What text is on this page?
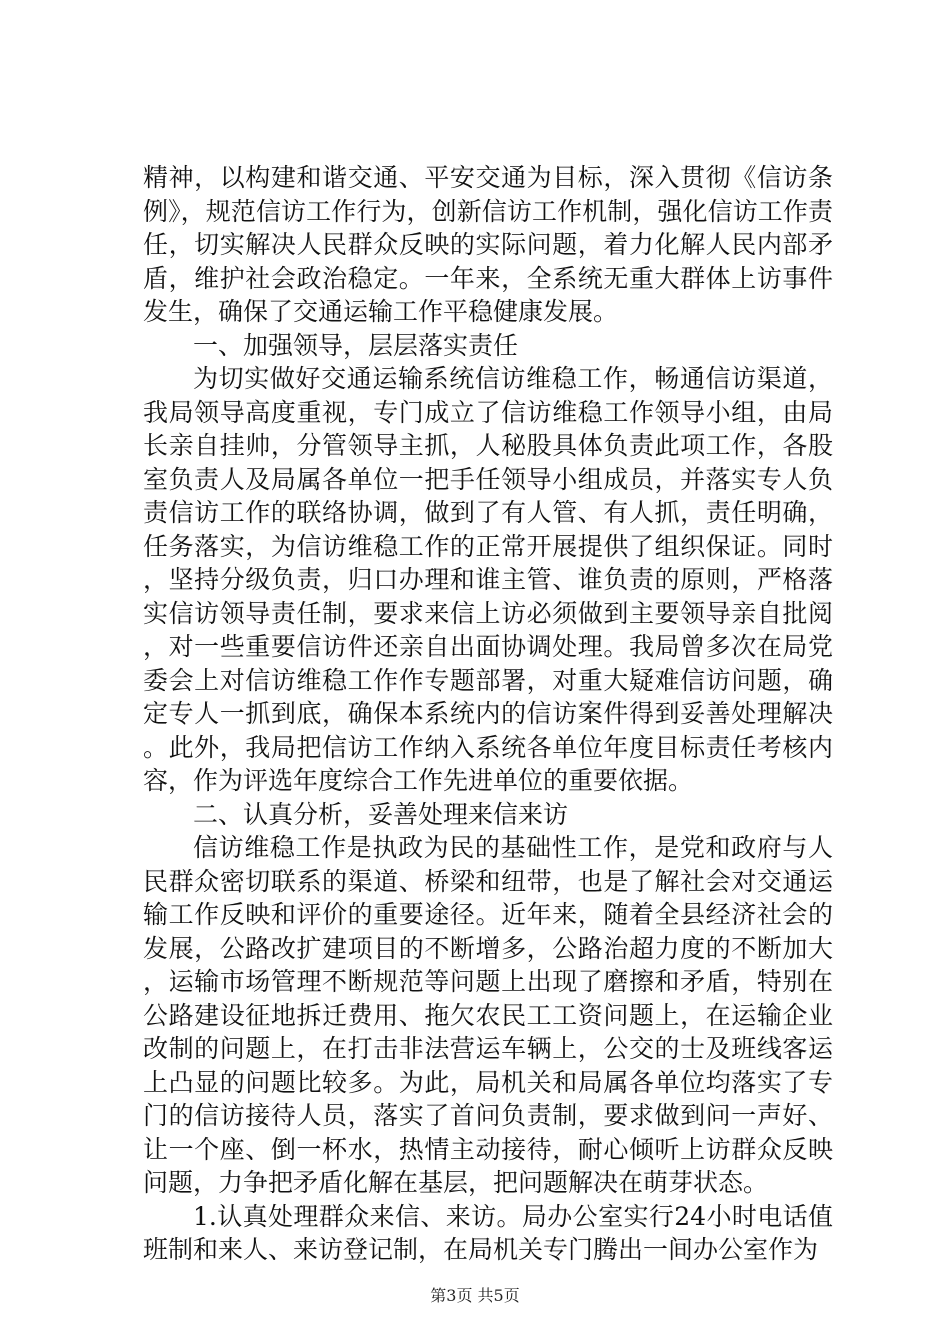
精神，以构建和谐交通、平安交通为目标，深入贯彻《信访条例》，规范信访工作行为，创新信访工作机制，强化信访工作责任，切实解决人民群众反映的实际问题，着力化解人民内部矛盾，维护社会政治稳定。一年来，全系统无重大群体上访事件发生，确保了交通运输工作平稳健康发展。

一、加强领导，层层落实责任

为切实做好交通运输系统信访维稳工作，畅通信访渠道，我局领导高度重视，专门成立了信访维稳工作领导小组，由局长亲自挂帅，分管领导主抓，人秘股具体负责此项工作，各股室负责人及局属各单位一把手任领导小组成员，并落实专人负责信访工作的联络协调，做到了有人管、有人抓，责任明确，任务落实，为信访维稳工作的正常开展提供了组织保证。同时，坚持分级负责，归口办理和谁主管、谁负责的原则，严格落实信访领导责任制，要求来信上访必须做到主要领导亲自批阅，对一些重要信访件还亲自出面协调处理。我局曾多次在局党委会上对信访维稳工作作专题部署，对重大疑难信访问题，确定专人一抓到底，确保本系统内的信访案件得到妥善处理解决。此外，我局把信访工作纳入系统各单位年度目标责任考核内容，作为评选年度综合工作先进单位的重要依据。

二、认真分析，妥善处理来信来访

信访维稳工作是执政为民的基础性工作，是党和政府与人民群众密切联系的渠道、桥梁和纽带，也是了解社会对交通运输工作反映和评价的重要途径。近年来，随着全县经济社会的发展，公路改扩建项目的不断增多，公路治超力度的不断加大，运输市场管理不断规范等问题上出现了磨擦和矛盾，特别在公路建设征地拆迁费用、拖欠农民工工资问题上，在运输企业改制的问题上，在打击非法营运车辆上，公交的士及班线客运上凸显的问题比较多。为此，局机关和局属各单位均落实了专门的信访接待人员，落实了首问负责制，要求做到问一声好、让一个座、倒一杯水，热情主动接待，耐心倾听上访群众反映问题，力争把矛盾化解在基层，把问题解决在萌芽状态。

1.认真处理群众来信、来访。局办公室实行24小时电话值班制和来人、来访登记制，在局机关专门腾出一间办公室作为

第3页 共5页
